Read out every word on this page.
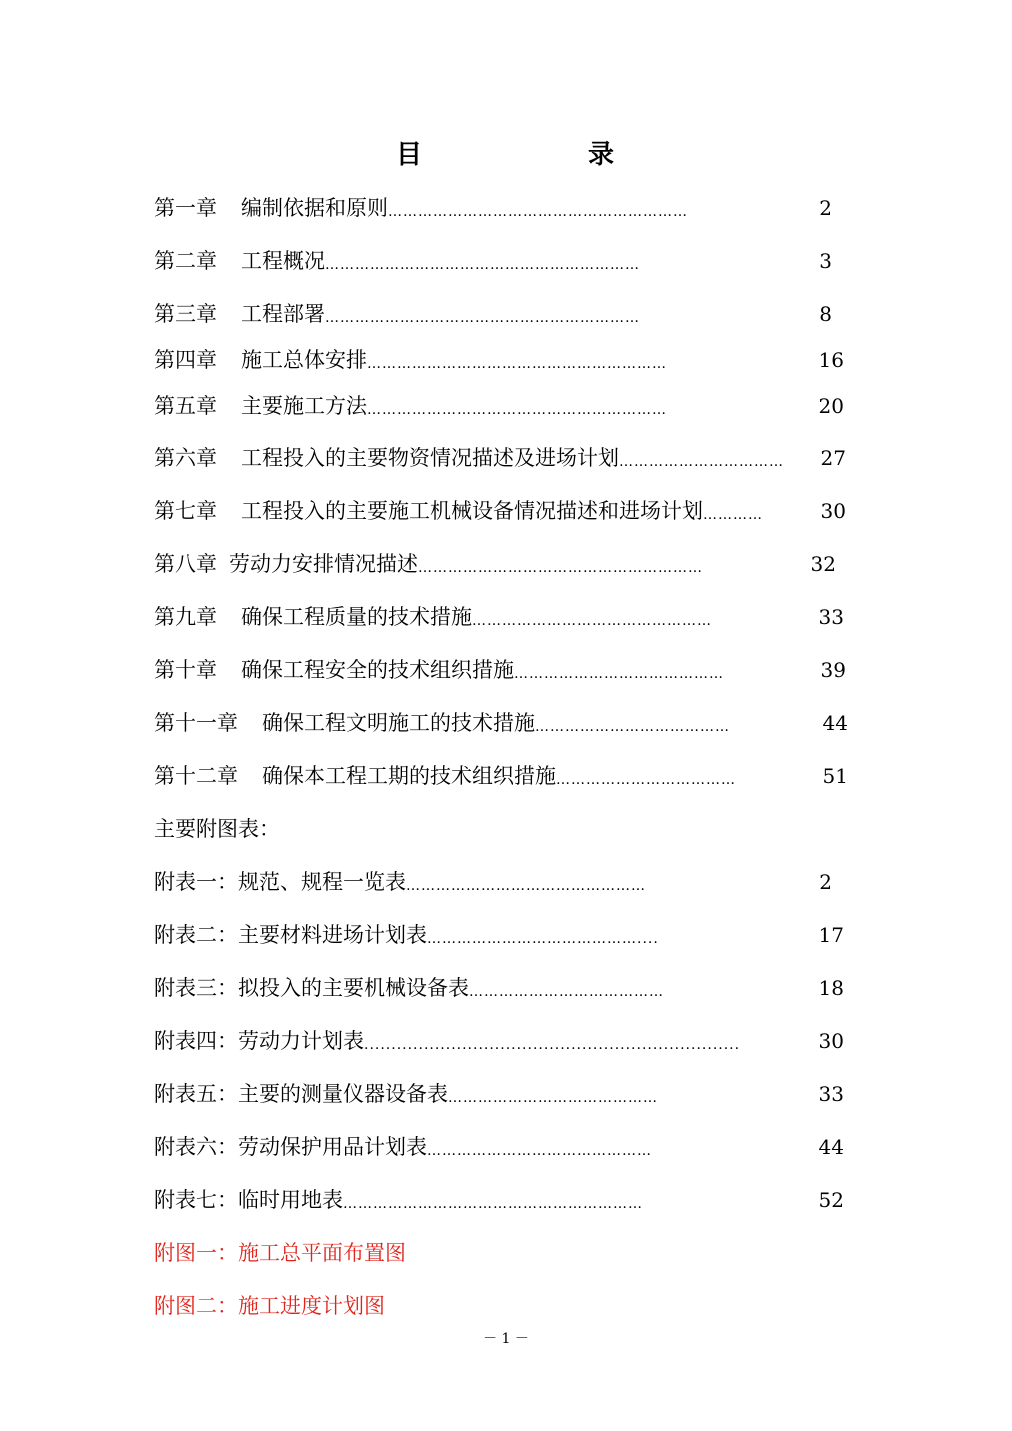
目	录
第一章 编制依据和原则 ……………………………………………………	2
第二章 工程概况 ………………………………………………………	3
第三章 工程部署 ………………………………………………………	8
第四章 施工总体安排 ……………………………………………………	16
第五章 主要施工方法 ……………………………………………………	20
第六章 工程投入的主要物资情况描述及进场计划 ……………………………	27
第七章 工程投入的主要施工机械设备情况描述和进场计划 …………	30
第八章 劳动力安排情况描述 …………………………………………………	32
第九章 确保工程质量的技术措施 …………………………………………	33
第十章 确保工程安全的技术组织措施 ……………………………………	39
第十一章 确保工程文明施工的技术措施 …………………………………	44
第十二章 确保本工程工期的技术组织措施 ………………………………	51
主要附图表：
附表一： 规范、规程一览表 …………………………………………	2
附表二： 主要材料进场计划表 ……………………………………....	17
附表三： 拟投入的主要机械设备表 …………………………………	18
附表四： 劳动力计划表 .....................................................................	30
附表五： 主要的测量仪器设备表 ……………………………………	33
附表六： 劳动保护用品计划表 ………………………………………	44
附表七： 临时用地表 ……………………………………………………	52
附图一：施工总平面布置图
附图二：施工进度计划图
－ 1 －
